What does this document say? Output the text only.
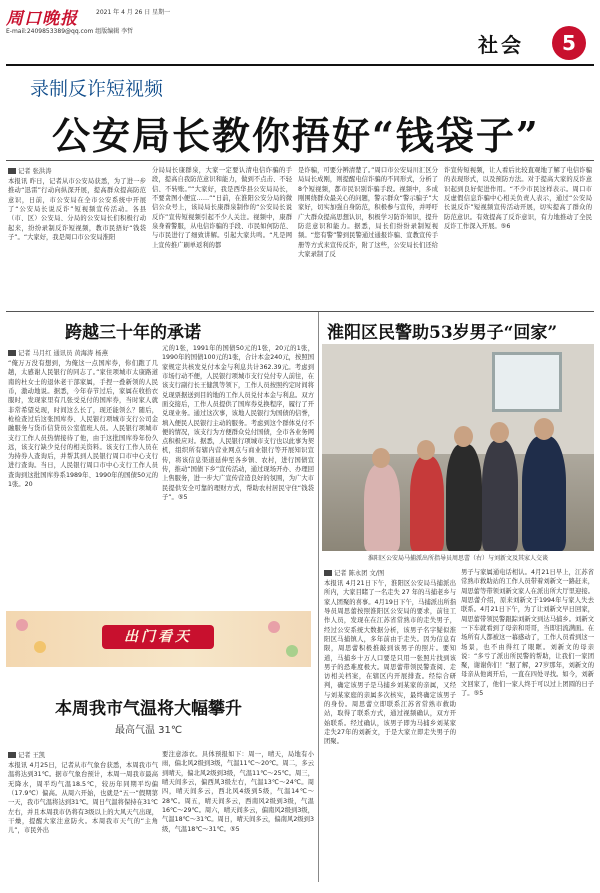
周口晚报	2021 年 4 月 26 日 星期一
E-mail:2409853389@qq.com 组版编辑 李哲
社会	5
录制反诈短视频
公安局长教你捂好“钱袋子”
记者 张洪涛
本报讯 昨日，记者从市公安局获悉，为了进一步推动“迅雷”行动向纵深开展，提高群众提高防范意识，日前，市公安局在全市公安系统中开展了“公安局长说反诈”短视频宣传活动。各县（市、区）公安局、分局的公安局长们积极行动起来，纷纷录制反诈短视频，教市民捂好“钱袋子”。“大家好，我是周口市公安局淮阳
分局局长康群泉，大家一定要认清电信诈骗的手段，提高自我防范意识和能力，做到不点击、不轻信、不转账。”“大家好，我是西华县公安局局长，不要贪图小便宜……”“日前，在淮阳公安分局的微信公众号上，该局局长康群泉制作的“公安局长说反诈”宣传短视频引起不少人关注。视频中，康群泉身着警服，从电信诈骗的手段、市民如何防范、与市民进行了细致讲解。引起大家共鸣。“凡是网上宣传推广刷单返利的都
是诈骗，可要分辨清楚了。”周口市公安局川汇区分局局长成刚，则提醒电信诈骗的不同形式，分析了8个短视频，都市民识别诈骗手段。视频中，多成刚围绕群众最关心的问题，警示群众“警示骗子”大家好，切实加强自身防范，积极参与宣传，并呼吁广大群众提高思想认识，积极学习防诈知识，提升防范意识和能力。据悉，局长们纷纷录制短视频。“您有警”警到民警通过通报诈骗、宣教宣传手册等方式来宣传反诈，附了这些，公安局长们还给大家录制了反
诈宣传短视频，让人看后比较直观地了解了电信诈骗的表现形式，以及预防方法。对于提高大家的反诈意识起到良好促进作用。“不少市民这样表示。周口市反虚假信息诈骗中心相关负责人表示，通过“公安局长说反诈”短视频宣传活动开展，切实提高了群众的防范意识。有效提高了反诈意识，有力地推动了全民反诈工作深入开展。⑤6
跨越三十年的承诺
记者 马月红 通讯员 黄海涛 杨燕
“俺万万没有想到，为俺这一点国库券，你们跑了几趟，太感谢人民银行的同志了。”家住项城市太康路道南的杜女士的退休老干部家属，手捏一叠新领的人民币，激动地说。据悉，今年春节过后，家属在收拾衣服时，发现家里有几张受兑付的国库券，当时家人就非常希望兑现，时间这么长了，现还能领么？随后，枪检查过后这张国库券、人民银行项城市支行公司金融服务与货币信贷员公室值班人员。人民银行项城市支行工作人员热情接待了他，由于这批国库券年份久远，该支行缺少兑付的相关资料。该支行工作人员在为持券人查询后，并帮其到人民银行周口市中心支行进行查询。当日，人民银行周口市中心支行工作人员查询到这批国库券系1989年、1990年的国债50元的1张。20
元的1张，1991年的国债50元的1张，20元的1张，1990年的国债100元的1张，合计本金240元，按照国家规定共核发兑付本金与利息共计362.39元。考虑到市场行动不便，人民银行项城市支行兑付专人前往，在该支行副行长王健凯等领下，工作人员按照约定时间将兑现票据送到目的地的工作人员兑付本金与利息。双方面交接后，工作人员提供了国库券兑换程序，履行了开兑现业务。通过这次事，该地人民银行为国债的信誉，填入便民人民银行主动的服务。考虑到这个群体兑付不便的情况，该支行为方便群众兑付国债，全市各业务网点积极应对。据悉，人民银行项城市支行也以此事为契机，组织所有辖内营业网点与商业银行等开展知识宣传，将该信息渠道延伸至各乡镇、农村，进行国债宣传，推动“国债下乡”宣传活动，通过现场开办、办理回上售服务，进一步大广宣传营造良好的氛围，为广大市民提供安全可靠的理财方式，帮助农村居民守住“钱袋子”。⑤5
淮阳区民警助53岁男子“回家”
淮阳区公安局马捕派出所指导员周思蕾（右）与刘新文及其家人交谈
记者 陈永团 文/图
本报讯 4月21日下午，淮阳区公安局马捕派出所内，大家目睹了一名走失 27 年的马捕老乡与家人团聚的喜事。4月19日下午，马捕派出所指导员周思蕾按照淮阳区公安局的要求，前往工作人员，发现在在江苏省常熟市的走失男子，经过公安系统大数据分析，该男子名字疑似淮阳区马捕镇人，多年前由于走失。因为信息有限，周思蕾积极推敲到该男子的照片。要知道，马捕乡十万人口要是只用一张照片找到该男子的恐难度极大。周思蕾带领民警查阅、走访相关档案，在辖区内开展排查。经综合研判，确定该男子是马捕乡刘某家的亲属，又经与刘某家庭的亲属多次核实，最终确定该男子的身份。周思蕾立即联系江苏省常熟市救助站，取得了联系方式，通过视频确认，双方开始联系。经过确认，该男子即为马捕乡刘某家走失27年的刘新文，于是大家立即走失男子的团聚。
男子与家属通电话相认。4月21日早上，江苏省常熟市救助站的工作人员带着刘新文一路赶来，周思蕾等带领刘新文家人在派出所大厅里迎接。周思蕾介绍，原来刘新文于1994年与家人失去联系。4月21日下午，为了让刘新文早日回家，周思蕾带领民警跟踪刘新文到达马捕乡。刘新文一下车就看到了母亲和哥哥，当即泪流满面。在场所有人都被这一幕感动了，工作人员看到这一场景，也不由得红了眼眶。刘新文的母亲说：“多亏了派出所民警的帮助，让我们一家团聚，谢谢你们！”据了解，27岁那年，刘新文的母亲从他离开后，一直在四处寻找。如今，刘新文回家了，他们一家人终于可以过上团圆的日子了。⑤5
出门看天
本周我市气温将大幅攀升
最高气温 31℃
记者 王凯
本报讯 4月25日，记者从市气象台获悉，本周我市气温将达到31℃。据市气象台预计，本周一周我市最高无降水，周平均气温18.5℃，较历年同期平均偏（17.9℃）偏高。从周六开始，也就是“五一”假期第一天，我市气温将达到31℃。周日气温将保持在31℃左右，并且本周我市仍将有3级以上的大风天气出现，干燥，提醒大家注意防火。本周我市天气的“主角儿”，市民外出
要注意添衣。具体预报如下：周一，晴天，局地有小雨，偏北风2级到3级，气温11℃～20℃。周二，多云到晴天，偏北风2级到3级，气温11℃～25℃。周三，晴天间多云，偏西风3级左右，气温13℃～24℃。周四，晴天间多云，西北风4级到5级，气温14℃～28℃。周五，晴天间多云，西南风2级到3级，气温16℃～29℃。周六，晴天间多云，偏南风2级到3级，气温18℃～31℃。周日，晴天间多云，偏南风2级到3级，气温18℃～31℃。⑤5
